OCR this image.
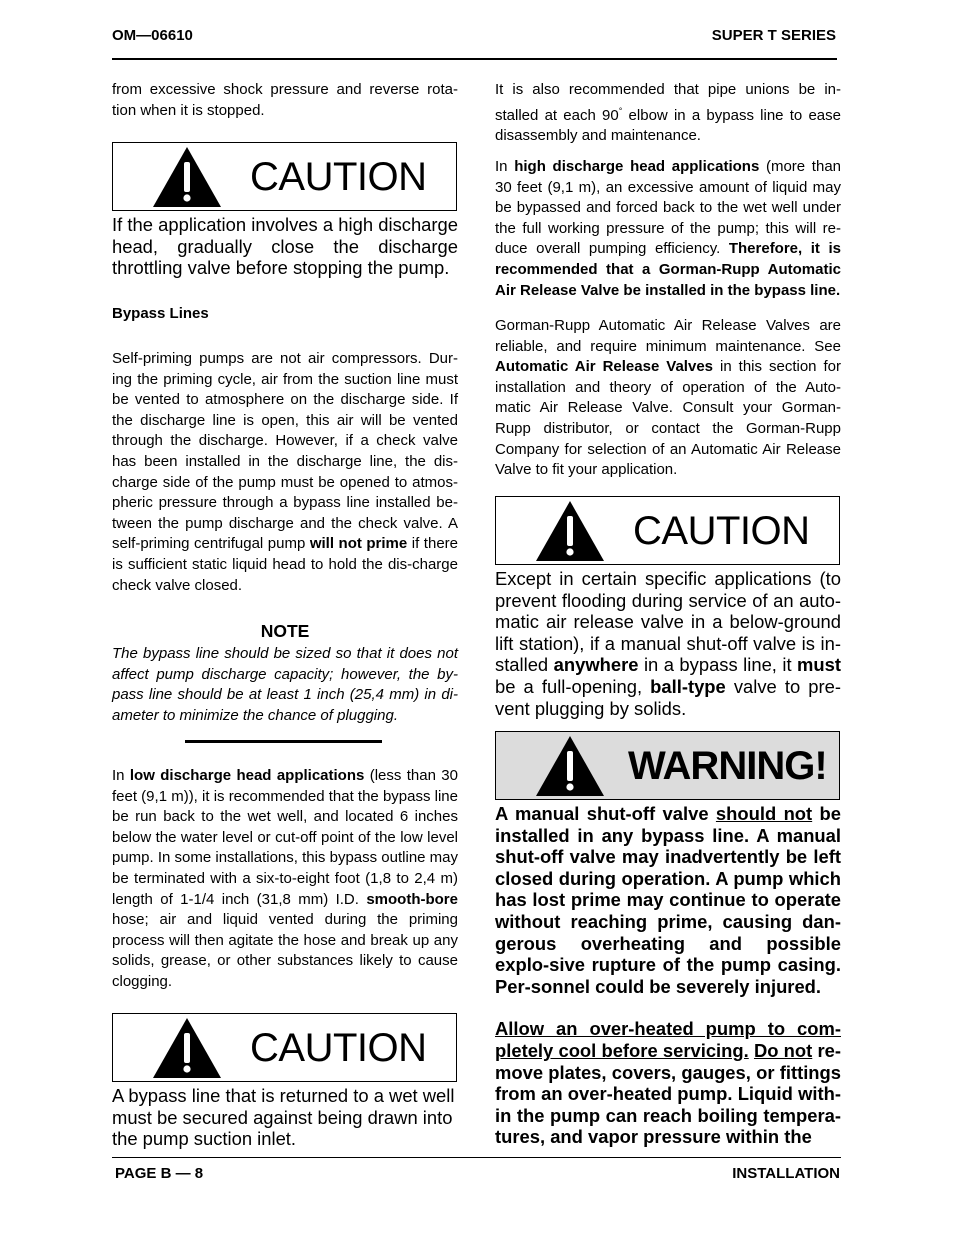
OM—06610	SUPER T SERIES

from excessive shock pressure and reverse rota-tion when it is stopped.

CAUTION

If the application involves a high discharge head, gradually close the discharge throttling valve before stopping the pump.

Bypass Lines

Self-priming pumps are not air compressors. Dur-ing the priming cycle, air from the suction line must be vented to atmosphere on the discharge side. If the discharge line is open, this air will be vented through the discharge. However, if a check valve has been installed in the discharge line, the dis-charge side of the pump must be opened to atmos-pheric pressure through a bypass line installed be-tween the pump discharge and the check valve. A self-priming centrifugal pump will not prime if there is sufficient static liquid head to hold the dis-charge check valve closed.

NOTE

The bypass line should be sized so that it does not affect pump discharge capacity; however, the by-pass line should be at least 1 inch (25,4 mm) in di-ameter to minimize the chance of plugging.

In low discharge head applications (less than 30 feet (9,1 m)), it is recommended that the bypass line be run back to the wet well, and located 6 inches below the water level or cut-off point of the low level pump. In some installations, this bypass outline may be terminated with a six-to-eight foot (1,8 to 2,4 m) length of 1-1/4 inch (31,8 mm) I.D. smooth-bore hose; air and liquid vented during the priming process will then agitate the hose and break up any solids, grease, or other substances likely to cause clogging.

CAUTION

A bypass line that is returned to a wet well must be secured against being drawn into the pump suction inlet.

It is also recommended that pipe unions be in-stalled at each 90° elbow in a bypass line to ease disassembly and maintenance.

In high discharge head applications (more than 30 feet (9,1 m), an excessive amount of liquid may be bypassed and forced back to the wet well under the full working pressure of the pump; this will re-duce overall pumping efficiency. Therefore, it is recommended that a Gorman-Rupp Automatic Air Release Valve be installed in the bypass line.

Gorman-Rupp Automatic Air Release Valves are reliable, and require minimum maintenance. See Automatic Air Release Valves in this section for installation and theory of operation of the Auto-matic Air Release Valve. Consult your Gorman-Rupp distributor, or contact the Gorman-Rupp Company for selection of an Automatic Air Release Valve to fit your application.

CAUTION

Except in certain specific applications (to prevent flooding during service of an auto-matic air release valve in a below-ground lift station), if a manual shut-off valve is in-stalled anywhere in a bypass line, it must be a full-opening, ball-type valve to pre-vent plugging by solids.

WARNING!

A manual shut-off valve should not be installed in any bypass line. A manual shut-off valve may inadvertently be left closed during operation. A pump which has lost prime may continue to operate without reaching prime, causing dan-gerous overheating and possible explo-sive rupture of the pump casing. Per-sonnel could be severely injured.

Allow an over-heated pump to com-pletely cool before servicing. Do not re-move plates, covers, gauges, or fittings from an over-heated pump. Liquid with-in the pump can reach boiling tempera-tures, and vapor pressure within the

PAGE B — 8	INSTALLATION
